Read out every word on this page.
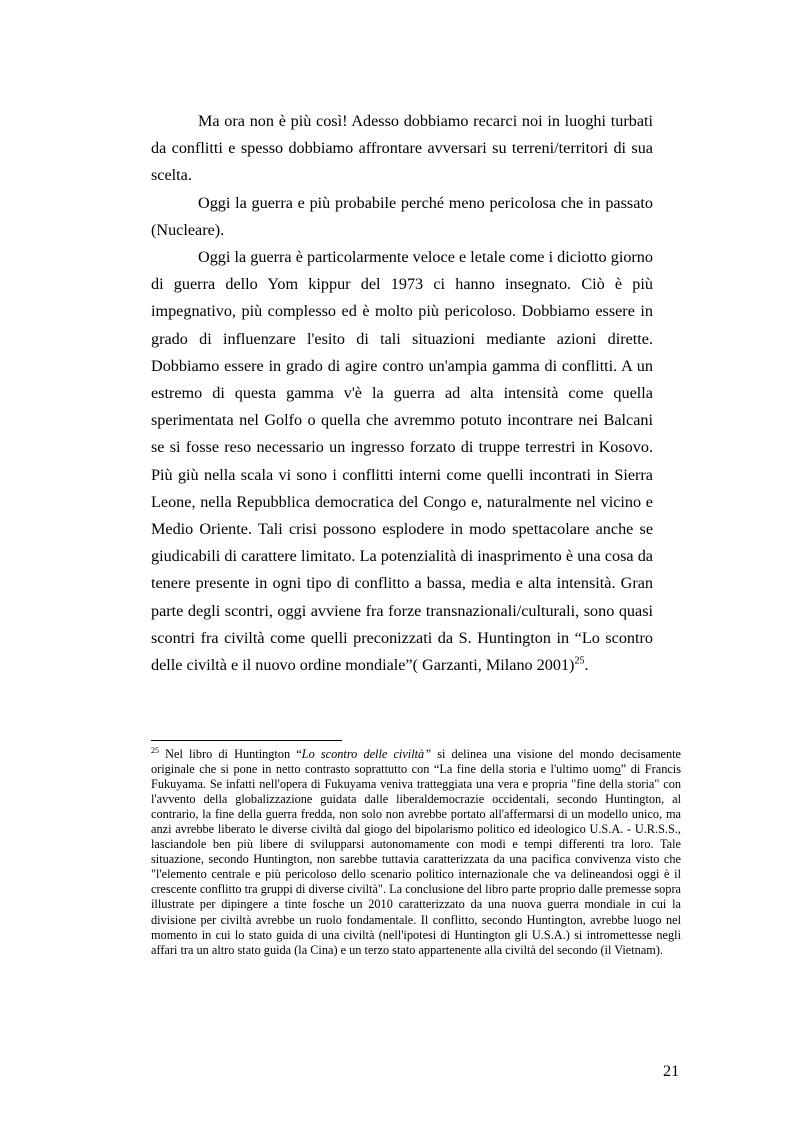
Ma ora non è più così! Adesso dobbiamo recarci noi in luoghi turbati da conflitti e spesso dobbiamo affrontare avversari su terreni/territori di sua scelta.

Oggi la guerra e più probabile perché meno pericolosa che in passato (Nucleare).

Oggi la guerra è particolarmente veloce e letale come i diciotto giorno di guerra dello Yom kippur del 1973 ci hanno insegnato. Ciò è più impegnativo, più complesso ed è molto più pericoloso. Dobbiamo essere in grado di influenzare l'esito di tali situazioni mediante azioni dirette. Dobbiamo essere in grado di agire contro un'ampia gamma di conflitti. A un estremo di questa gamma v'è la guerra ad alta intensità come quella sperimentata nel Golfo o quella che avremmo potuto incontrare nei Balcani se si fosse reso necessario un ingresso forzato di truppe terrestri in Kosovo. Più giù nella scala vi sono i conflitti interni come quelli incontrati in Sierra Leone, nella Repubblica democratica del Congo e, naturalmente nel vicino e Medio Oriente. Tali crisi possono esplodere in modo spettacolare anche se giudicabili di carattere limitato. La potenzialità di inasprimento è una cosa da tenere presente in ogni tipo di conflitto a bassa, media e alta intensità. Gran parte degli scontri, oggi avviene fra forze transnazionali/culturali, sono quasi scontri fra civiltà come quelli preconizzati da S. Huntington in “Lo scontro delle civiltà e il nuovo ordine mondiale”( Garzanti, Milano 2001)$^{25}$.

$^{25}$ Nel libro di Huntington “Lo scontro delle civiltà” si delinea una visione del mondo decisamente originale che si pone in netto contrasto soprattutto con “La fine della storia e l'ultimo uomo” di Francis Fukuyama. Se infatti nell'opera di Fukuyama veniva tratteggiata una vera e propria "fine della storia" con l'avvento della globalizzazione guidata dalle liberaldemocrazie occidentali, secondo Huntington, al contrario, la fine della guerra fredda, non solo non avrebbe portato all'affermarsi di un modello unico, ma anzi avrebbe liberato le diverse civiltà dal giogo del bipolarismo politico ed ideologico U.S.A. - U.R.S.S., lasciandole ben più libere di svilupparsi autonomamente con modi e tempi differenti tra loro. Tale situazione, secondo Huntington, non sarebbe tuttavia caratterizzata da una pacifica convivenza visto che "l'elemento centrale e più pericoloso dello scenario politico internazionale che va delineandosi oggi è il crescente conflitto tra gruppi di diverse civiltà". La conclusione del libro parte proprio dalle premesse sopra illustrate per dipingere a tinte fosche un 2010 caratterizzato da una nuova guerra mondiale in cui la divisione per civiltà avrebbe un ruolo fondamentale. Il conflitto, secondo Huntington, avrebbe luogo nel momento in cui lo stato guida di una civiltà (nell'ipotesi di Huntington gli U.S.A.) si intromettesse negli affari tra un altro stato guida (la Cina) e un terzo stato appartenente alla civiltà del secondo (il Vietnam).
21
